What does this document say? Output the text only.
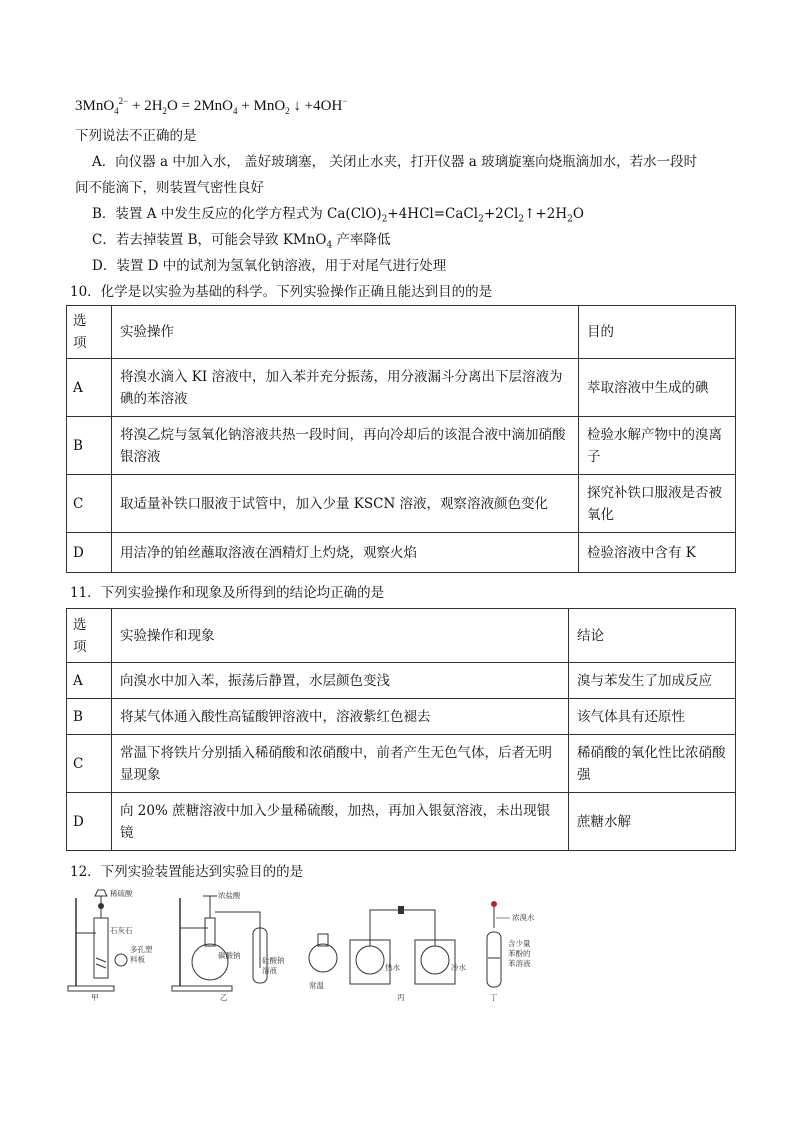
$3MnO_4^{2-} + 2H_2O = 2MnO_4 + MnO_2$ ↓ +4OH−
下列说法不正确的是
A．向仪器 a 中加入水， 盖好玻璃塞， 关闭止水夹，打开仪器 a 玻璃旋塞向烧瓶滴加水，若水一段时
间不能滴下，则装置气密性良好
B．装置 A 中发生反应的化学方程式为 $Ca(ClO)_2+4HCl=CaCl_2+2Cl_2↑+2H_2O$
C．若去掉装置 B，可能会导致 KMnO$_4$ 产率降低
D．装置 D 中的试剂为氢氧化钠溶液，用于对尾气进行处理
10．化学是以实验为基础的科学。下列实验操作正确且能达到目的的是
选
项	实验操作	目的
A	将溴水滴入 KI 溶液中，加入苯并充分振荡，用分液漏斗分离出下层溶液为碘的苯溶液	萃取溶液中生成的碘
B	将溴乙烷与氢氧化钠溶液共热一段时间，再向冷却后的该混合液中滴加硝酸银溶液	检验水解产物中的溴离子
C	取适量补铁口服液于试管中，加入少量 KSCN 溶液，观察溶液颜色变化	探究补铁口服液是否被氧化
D	用洁净的铂丝蘸取溶液在酒精灯上灼烧，观察火焰	检验溶液中含有 K
11．下列实验操作和现象及所得到的结论均正确的是
选
项	实验操作和现象	结论
A	向溴水中加入苯，振荡后静置，水层颜色变浅	溴与苯发生了加成反应
B	将某气体通入酸性高锰酸钾溶液中，溶液紫红色褪去	该气体具有还原性
C	常温下将铁片分别插入稀硝酸和浓硝酸中，前者产生无色气体，后者无明显现象	稀硝酸的氧化性比浓硝酸强
D	向 20% 蔗糖溶液中加入少量稀硫酸，加热，再加入银氨溶液，未出现银镜	蔗糖水解
12．下列实验装置能达到实验目的的是
稀硫酸
石灰石
多孔塑
料板
甲
浓盐酸
碳酸钠
硅酸钠
溶液
乙
常温
热水	冷水
丙
浓溴水
含少量
苯酚的
苯溶液
丁
